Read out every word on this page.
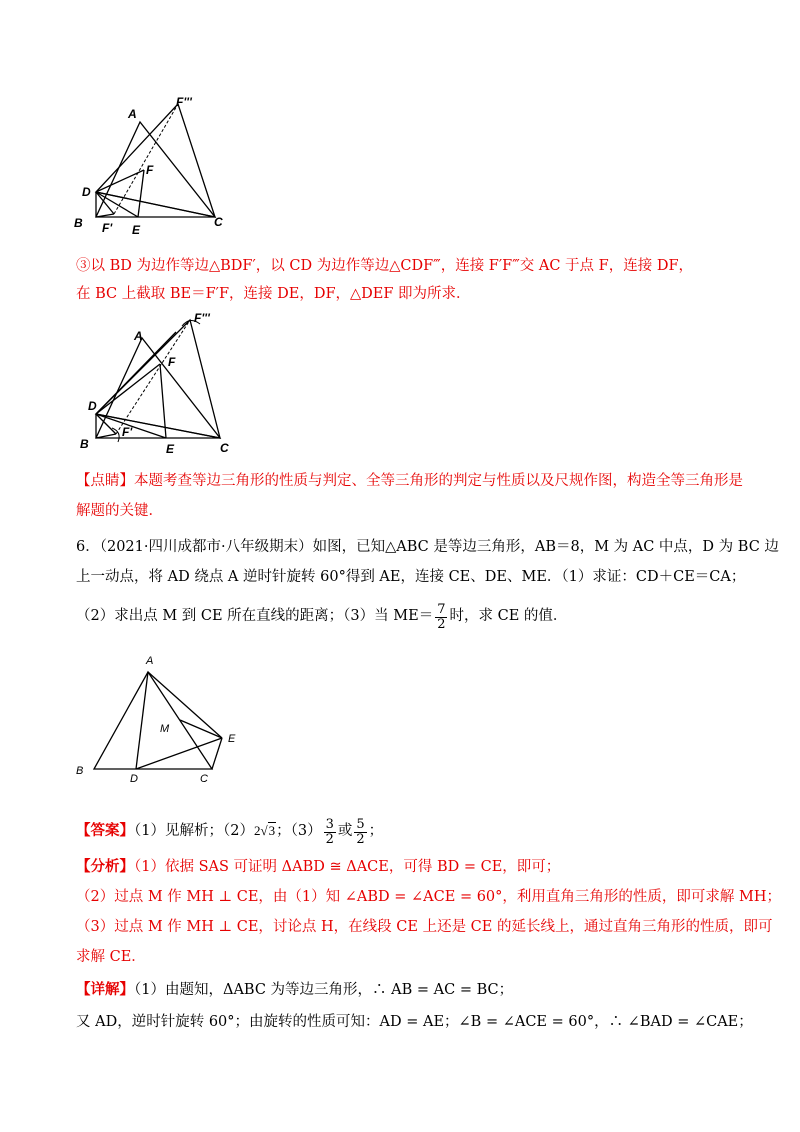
A
F'''
F
D
B F' E
C
③以 BD 为边作等边△BDF′，以 CD 为边作等边△CDF‴，连接 F′F‴交 AC 于点 F，连接 DF，
在 BC 上截取 BE＝F′F，连接 DE，DF，△DEF 即为所求．
A
F'''
F
D
B
F'
E	C
【点睛】本题考查等边三角形的性质与判定、全等三角形的判定与性质以及尺规作图，构造全等三角形是
解题的关键．
6．（2021·四川成都市·八年级期末）如图，已知△ABC 是等边三角形，AB＝8，M 为 AC 中点，D 为 BC 边
上一动点，将 AD 绕点 A 逆时针旋转 60°得到 AE，连接 CE、DE、ME．（1）求证：CD＋CE＝CA；
（2）求出点 M 到 CE 所在直线的距离；（3）当 $ME= \frac{7}{2}$ 时，求 CE 的值．
A
M
E
B
D	C
【答案】（1）见解析；（2）2√3；$(3) \frac{3}{2}$ 或 $\frac{5}{2}$ ；
【分析】（1）依据 SAS 可证明 ΔABD ≅ ΔACE，可得 BD = CE，即可；
（2）过点 M 作 MH ⊥ CE，由（1）知 ∠ABD = ∠ACE = 60°，利用直角三角形的性质，即可求解 MH；
（3）过点 M 作 MH ⊥ CE，讨论点 H，在线段 CE 上还是 CE 的延长线上，通过直角三角形的性质，即可
求解 CE．
【详解】（1）由题知，ΔABC 为等边三角形，∴ AB = AC = BC；
又 AD，逆时针旋转 60°；由旋转的性质可知：AD = AE；∠B = ∠ACE = 60°，∴ ∠BAD = ∠CAE；
